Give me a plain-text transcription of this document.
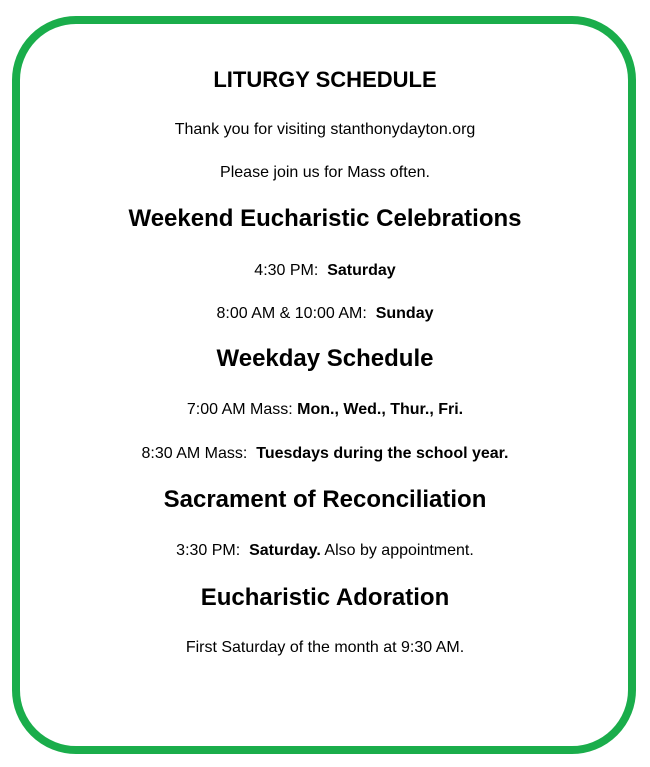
LITURGY SCHEDULE
Thank you for visiting stanthonydayton.org
Please join us for Mass often.
Weekend Eucharistic Celebrations
4:30 PM:  Saturday
8:00 AM & 10:00 AM:  Sunday
Weekday Schedule
7:00 AM Mass: Mon., Wed., Thur., Fri.
8:30 AM Mass:  Tuesdays during the school year.
Sacrament of Reconciliation
3:30 PM:  Saturday. Also by appointment.
Eucharistic Adoration
First Saturday of the month at 9:30 AM.
